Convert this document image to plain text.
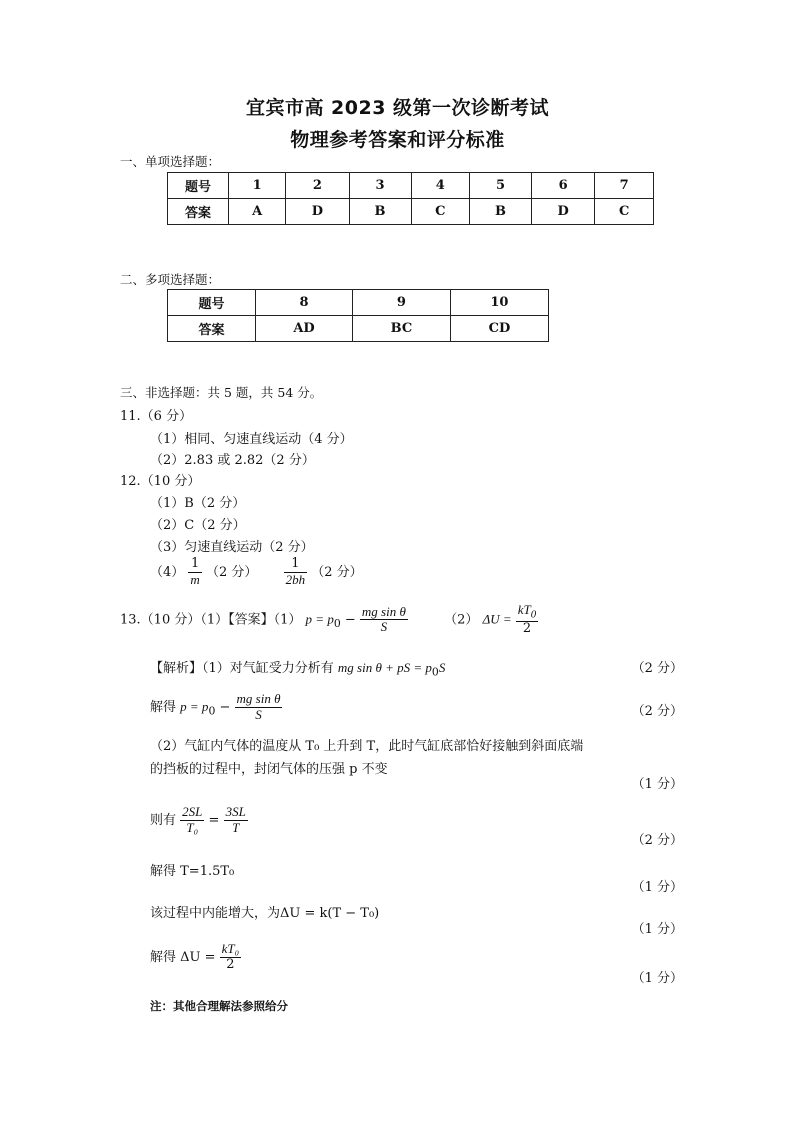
宜宾市高 2023 级第一次诊断考试
物理参考答案和评分标准
一、单项选择题：
题号	1	2	3	4	5	6	7
答案	A	D	B	C	B	D	C
二、多项选择题：
题号	8	9	10
答案	AD	BC	CD
三、非选择题：共 5 题，共 54 分。
11.（6 分）
（1）相同、匀速直线运动（4 分）
（2）2.83 或 2.82（2 分）
12.（10 分）
（1）B（2 分）
（2）C（2 分）
（3）匀速直线运动（2 分）
$(4) \frac{1}{m} (2$ 分） $\frac{1}{2bh} (2$ 分）
13.（10 分）（1）【答案】（1） $p = p_0 - \frac{\text{mg sin θ}}{S}$	（2） $\Delta U = \frac{kT_0}{2}$
【解析】（1）对气缸受力分析有 mg sin θ + pS = $p_0S$	（2 分）
解得 $p = p_0 - \frac{\text{mg sin θ}}{S}$	（2 分）
（2）气缸内气体的温度从 T₀ 上升到 T，此时气缸底部恰好接触到斜面底端
的挡板的过程中，封闭气体的压强 p 不变
（1 分）
则有 $\frac{2SL}{\text{T₀}} = \frac{3SL}{T}$
（2 分）
解得 T=1.5T₀
（1 分）
该过程中内能增大，为ΔU = k(T − T₀)
（1 分）
解得 $\Delta U = \frac{\text{kT₀}}{2}$
（1 分）
注：其他合理解法参照给分
